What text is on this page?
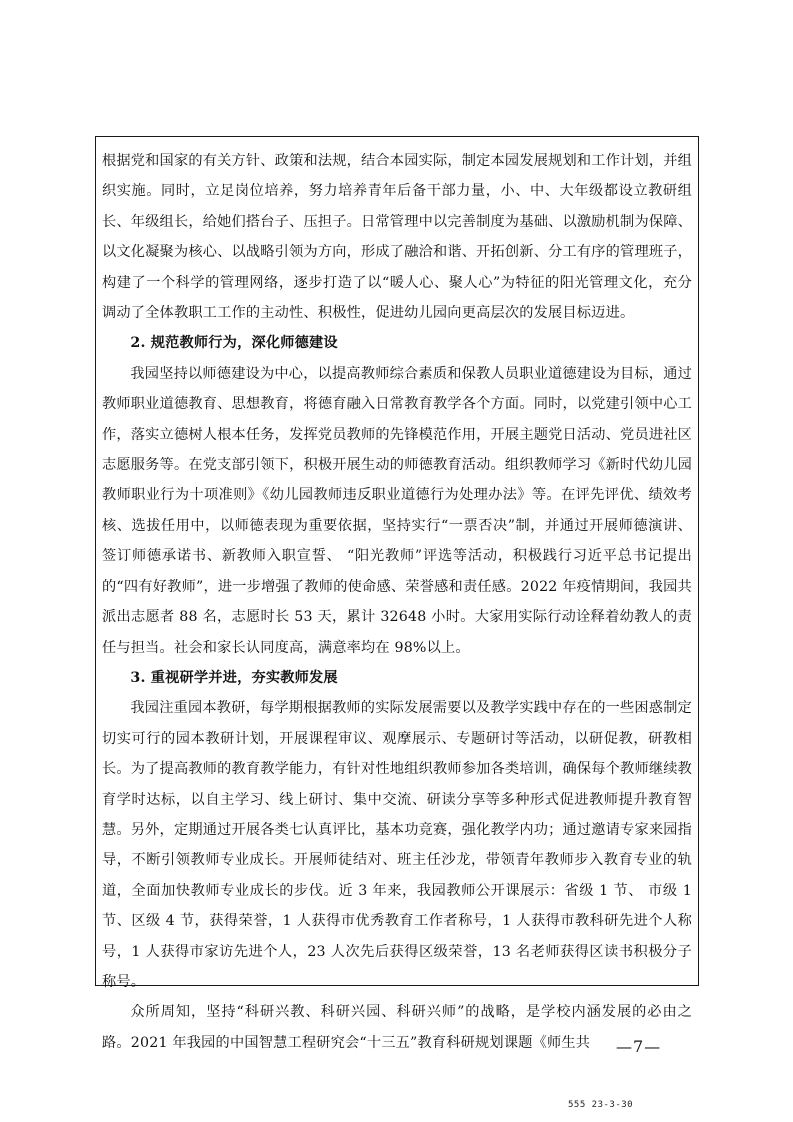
根据党和国家的有关方针、政策和法规，结合本园实际，制定本园发展规划和工作计划，并组织实施。同时，立足岗位培养，努力培养青年后备干部力量，小、中、大年级都设立教研组长、年级组长，给她们搭台子、压担子。日常管理中以完善制度为基础、以激励机制为保障、以文化凝聚为核心、以战略引领为方向，形成了融洽和谐、开拓创新、分工有序的管理班子，构建了一个科学的管理网络，逐步打造了以“暖人心、聚人心”为特征的阳光管理文化，充分调动了全体教职工工作的主动性、积极性，促进幼儿园向更高层次的发展目标迈进。

2. 规范教师行为，深化师德建设

我园坚持以师德建设为中心，以提高教师综合素质和保教人员职业道德建设为目标，通过教师职业道德教育、思想教育，将德育融入日常教育教学各个方面。同时，以党建引领中心工作，落实立德树人根本任务，发挥党员教师的先锋模范作用，开展主题党日活动、党员进社区志愿服务等。在党支部引领下，积极开展生动的师德教育活动。组织教师学习《新时代幼儿园教师职业行为十项准则》《幼儿园教师违反职业道德行为处理办法》等。在评先评优、绩效考核、选拔任用中，以师德表现为重要依据，坚持实行“一票否决”制，并通过开展师德演讲、签订师德承诺书、新教师入职宣誓、 “阳光教师”评选等活动，积极践行习近平总书记提出的“四有好教师”，进一步增强了教师的使命感、荣誉感和责任感。2022 年疫情期间，我园共派出志愿者 88 名，志愿时长 53 天，累计 32648 小时。大家用实际行动诠释着幼教人的责任与担当。社会和家长认同度高，满意率均在 98%以上。

3. 重视研学并进，夯实教师发展

我园注重园本教研，每学期根据教师的实际发展需要以及教学实践中存在的一些困惑制定切实可行的园本教研计划，开展课程审议、观摩展示、专题研讨等活动，以研促教，研教相长。为了提高教师的教育教学能力，有针对性地组织教师参加各类培训，确保每个教师继续教育学时达标，以自主学习、线上研讨、集中交流、研读分享等多种形式促进教师提升教育智慧。另外，定期通过开展各类七认真评比，基本功竞赛，强化教学内功；通过邀请专家来园指导，不断引领教师专业成长。开展师徒结对、班主任沙龙，带领青年教师步入教育专业的轨道，全面加快教师专业成长的步伐。近 3 年来，我园教师公开课展示：省级 1 节、 市级 1 节、区级 4 节，获得荣誉，1 人获得市优秀教育工作者称号，1 人获得市教科研先进个人称号，1 人获得市家访先进个人，23 人次先后获得区级荣誉，13 名老师获得区读书积极分子称号。

众所周知，坚持“科研兴教、科研兴园、科研兴师”的战略，是学校内涵发展的必由之路。2021 年我园的中国智慧工程研究会“十三五”教育科研规划课题《师生共	—7—
555 23-3-30
